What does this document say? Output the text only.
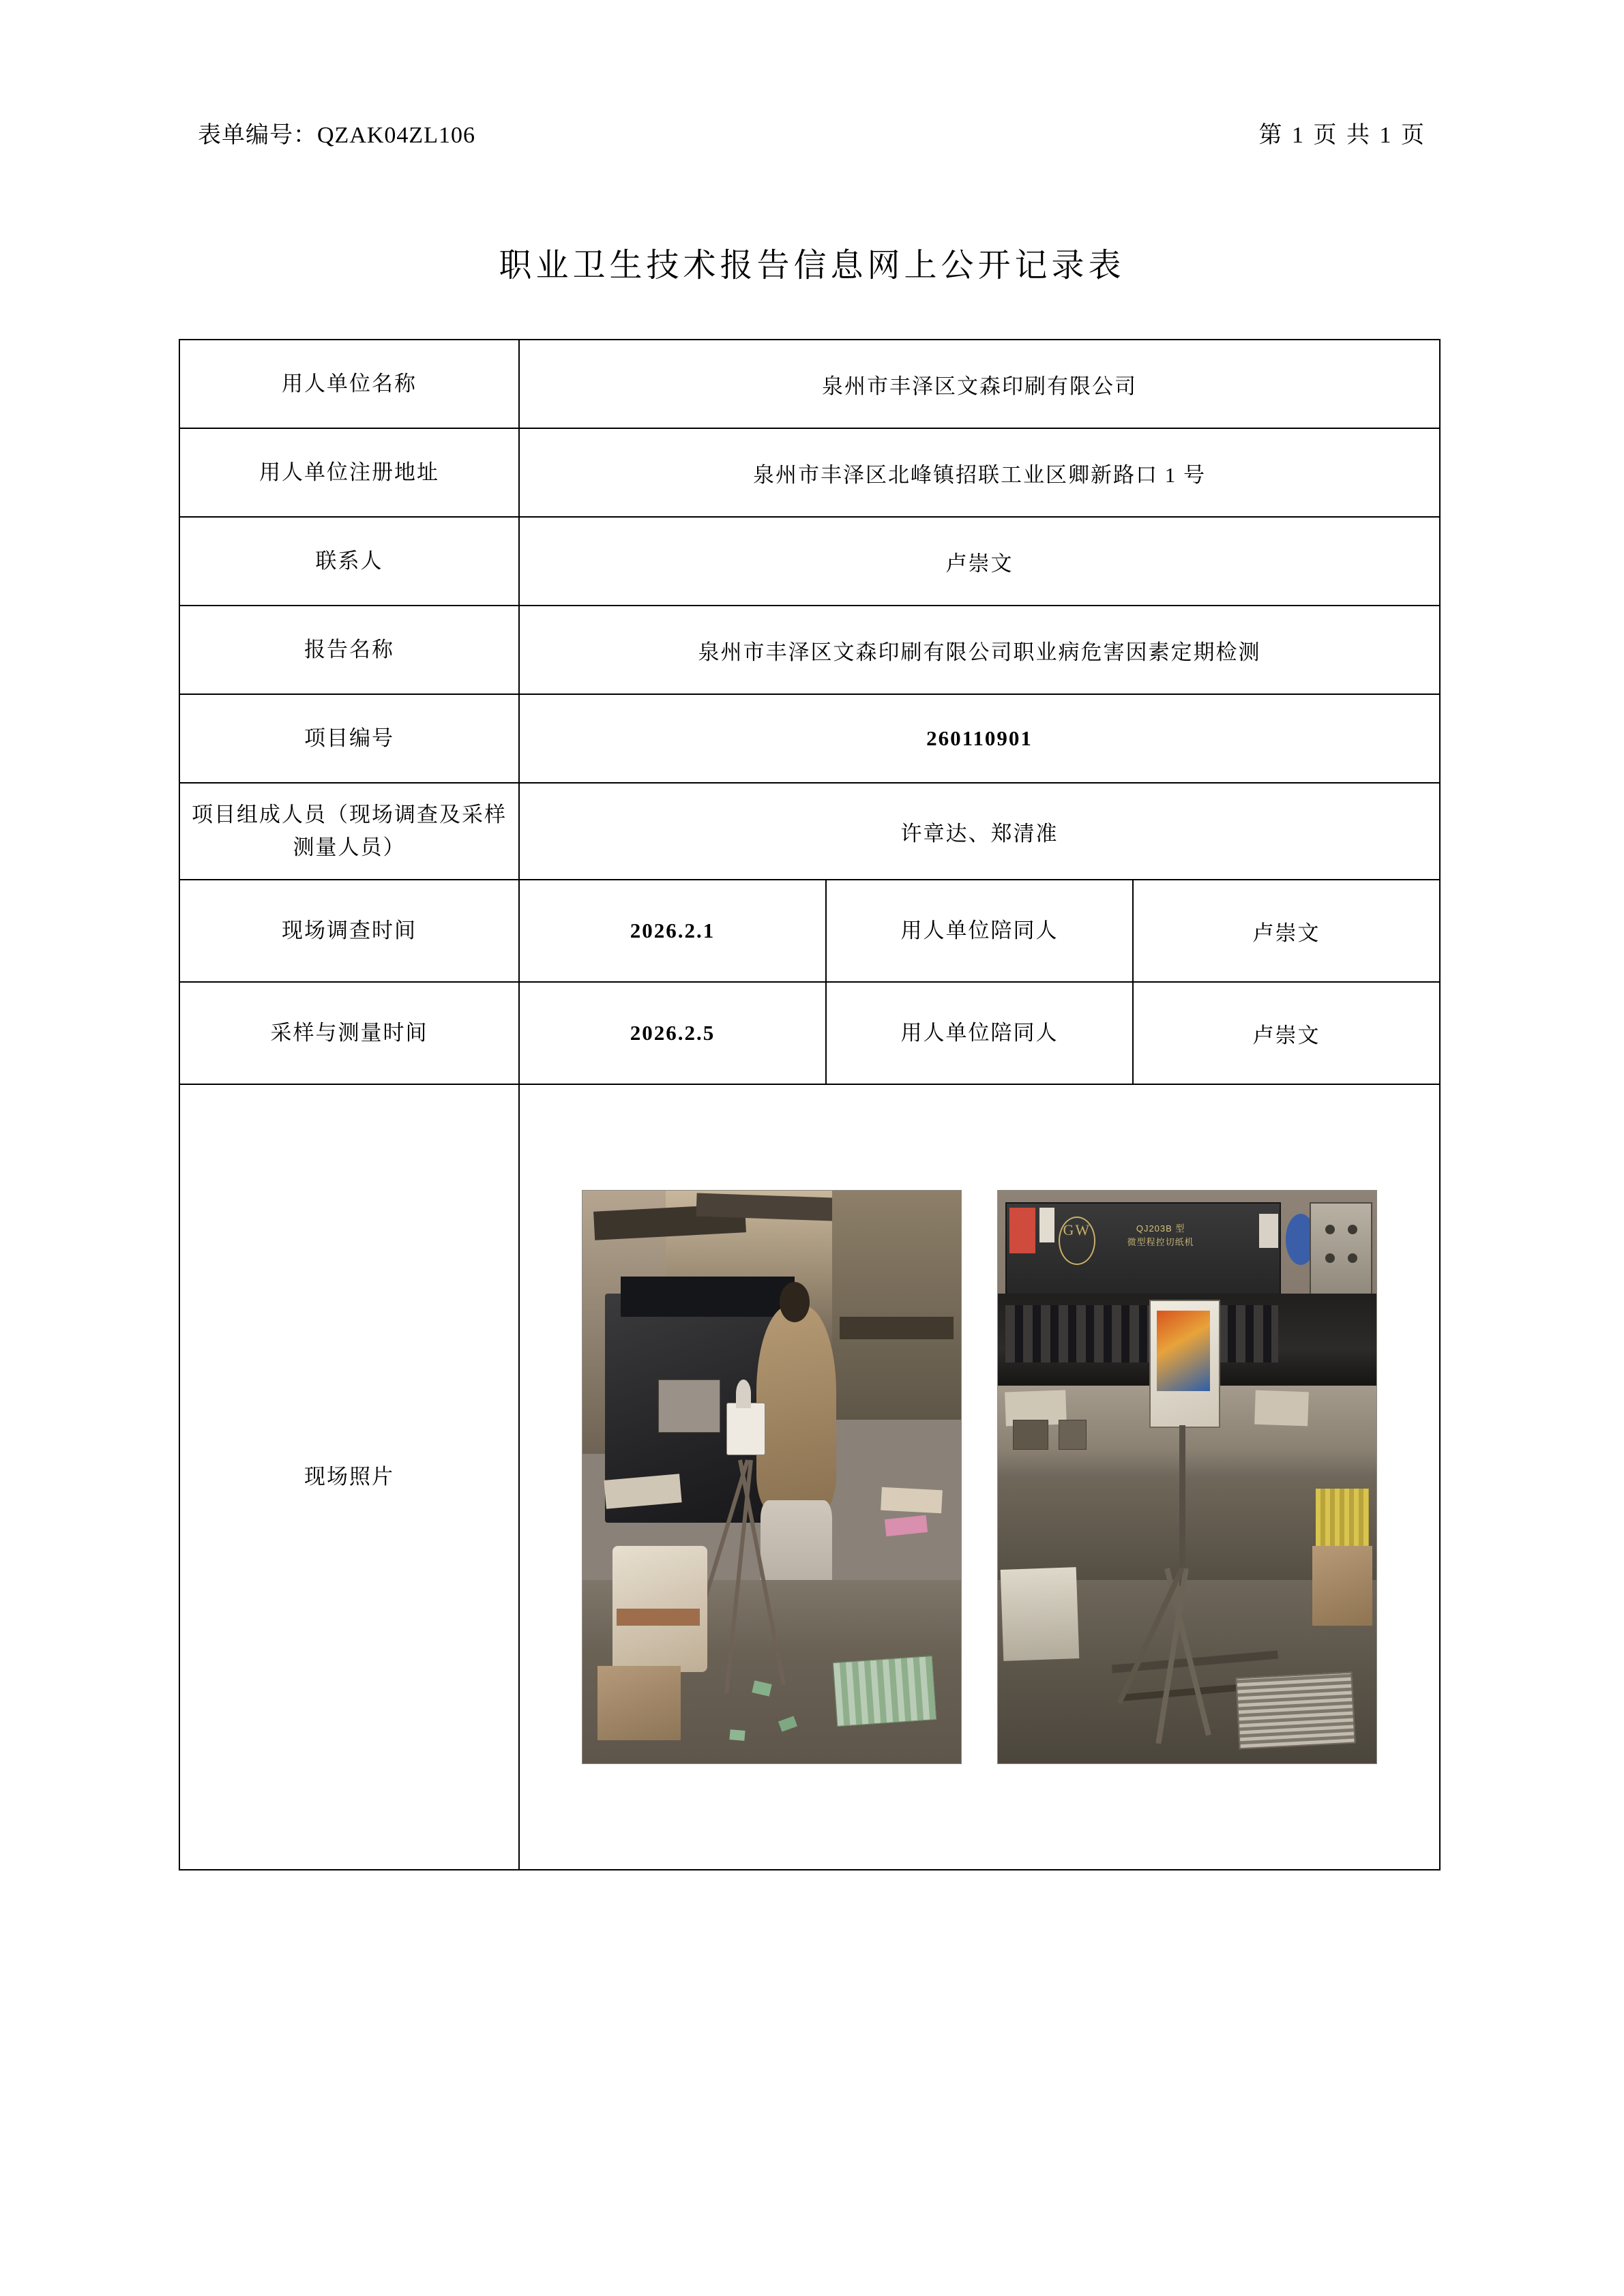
表单编号：QZAK04ZL106	第 1 页 共 1 页
职业卫生技术报告信息网上公开记录表
用人单位名称	泉州市丰泽区文森印刷有限公司		
用人单位注册地址	泉州市丰泽区北峰镇招联工业区卿新路口 1 号		
联系人	卢崇文		
报告名称	泉州市丰泽区文森印刷有限公司职业病危害因素定期检测		
项目编号	260110901		
项目组成人员（现场调查及采样测量人员）	许章达、郑清准		
现场调查时间	2026.2.1	用人单位陪同人	卢崇文
采样与测量时间	2026.2.5	用人单位陪同人	卢崇文
现场照片	GW QJ203B 型
微型程控切纸机		
